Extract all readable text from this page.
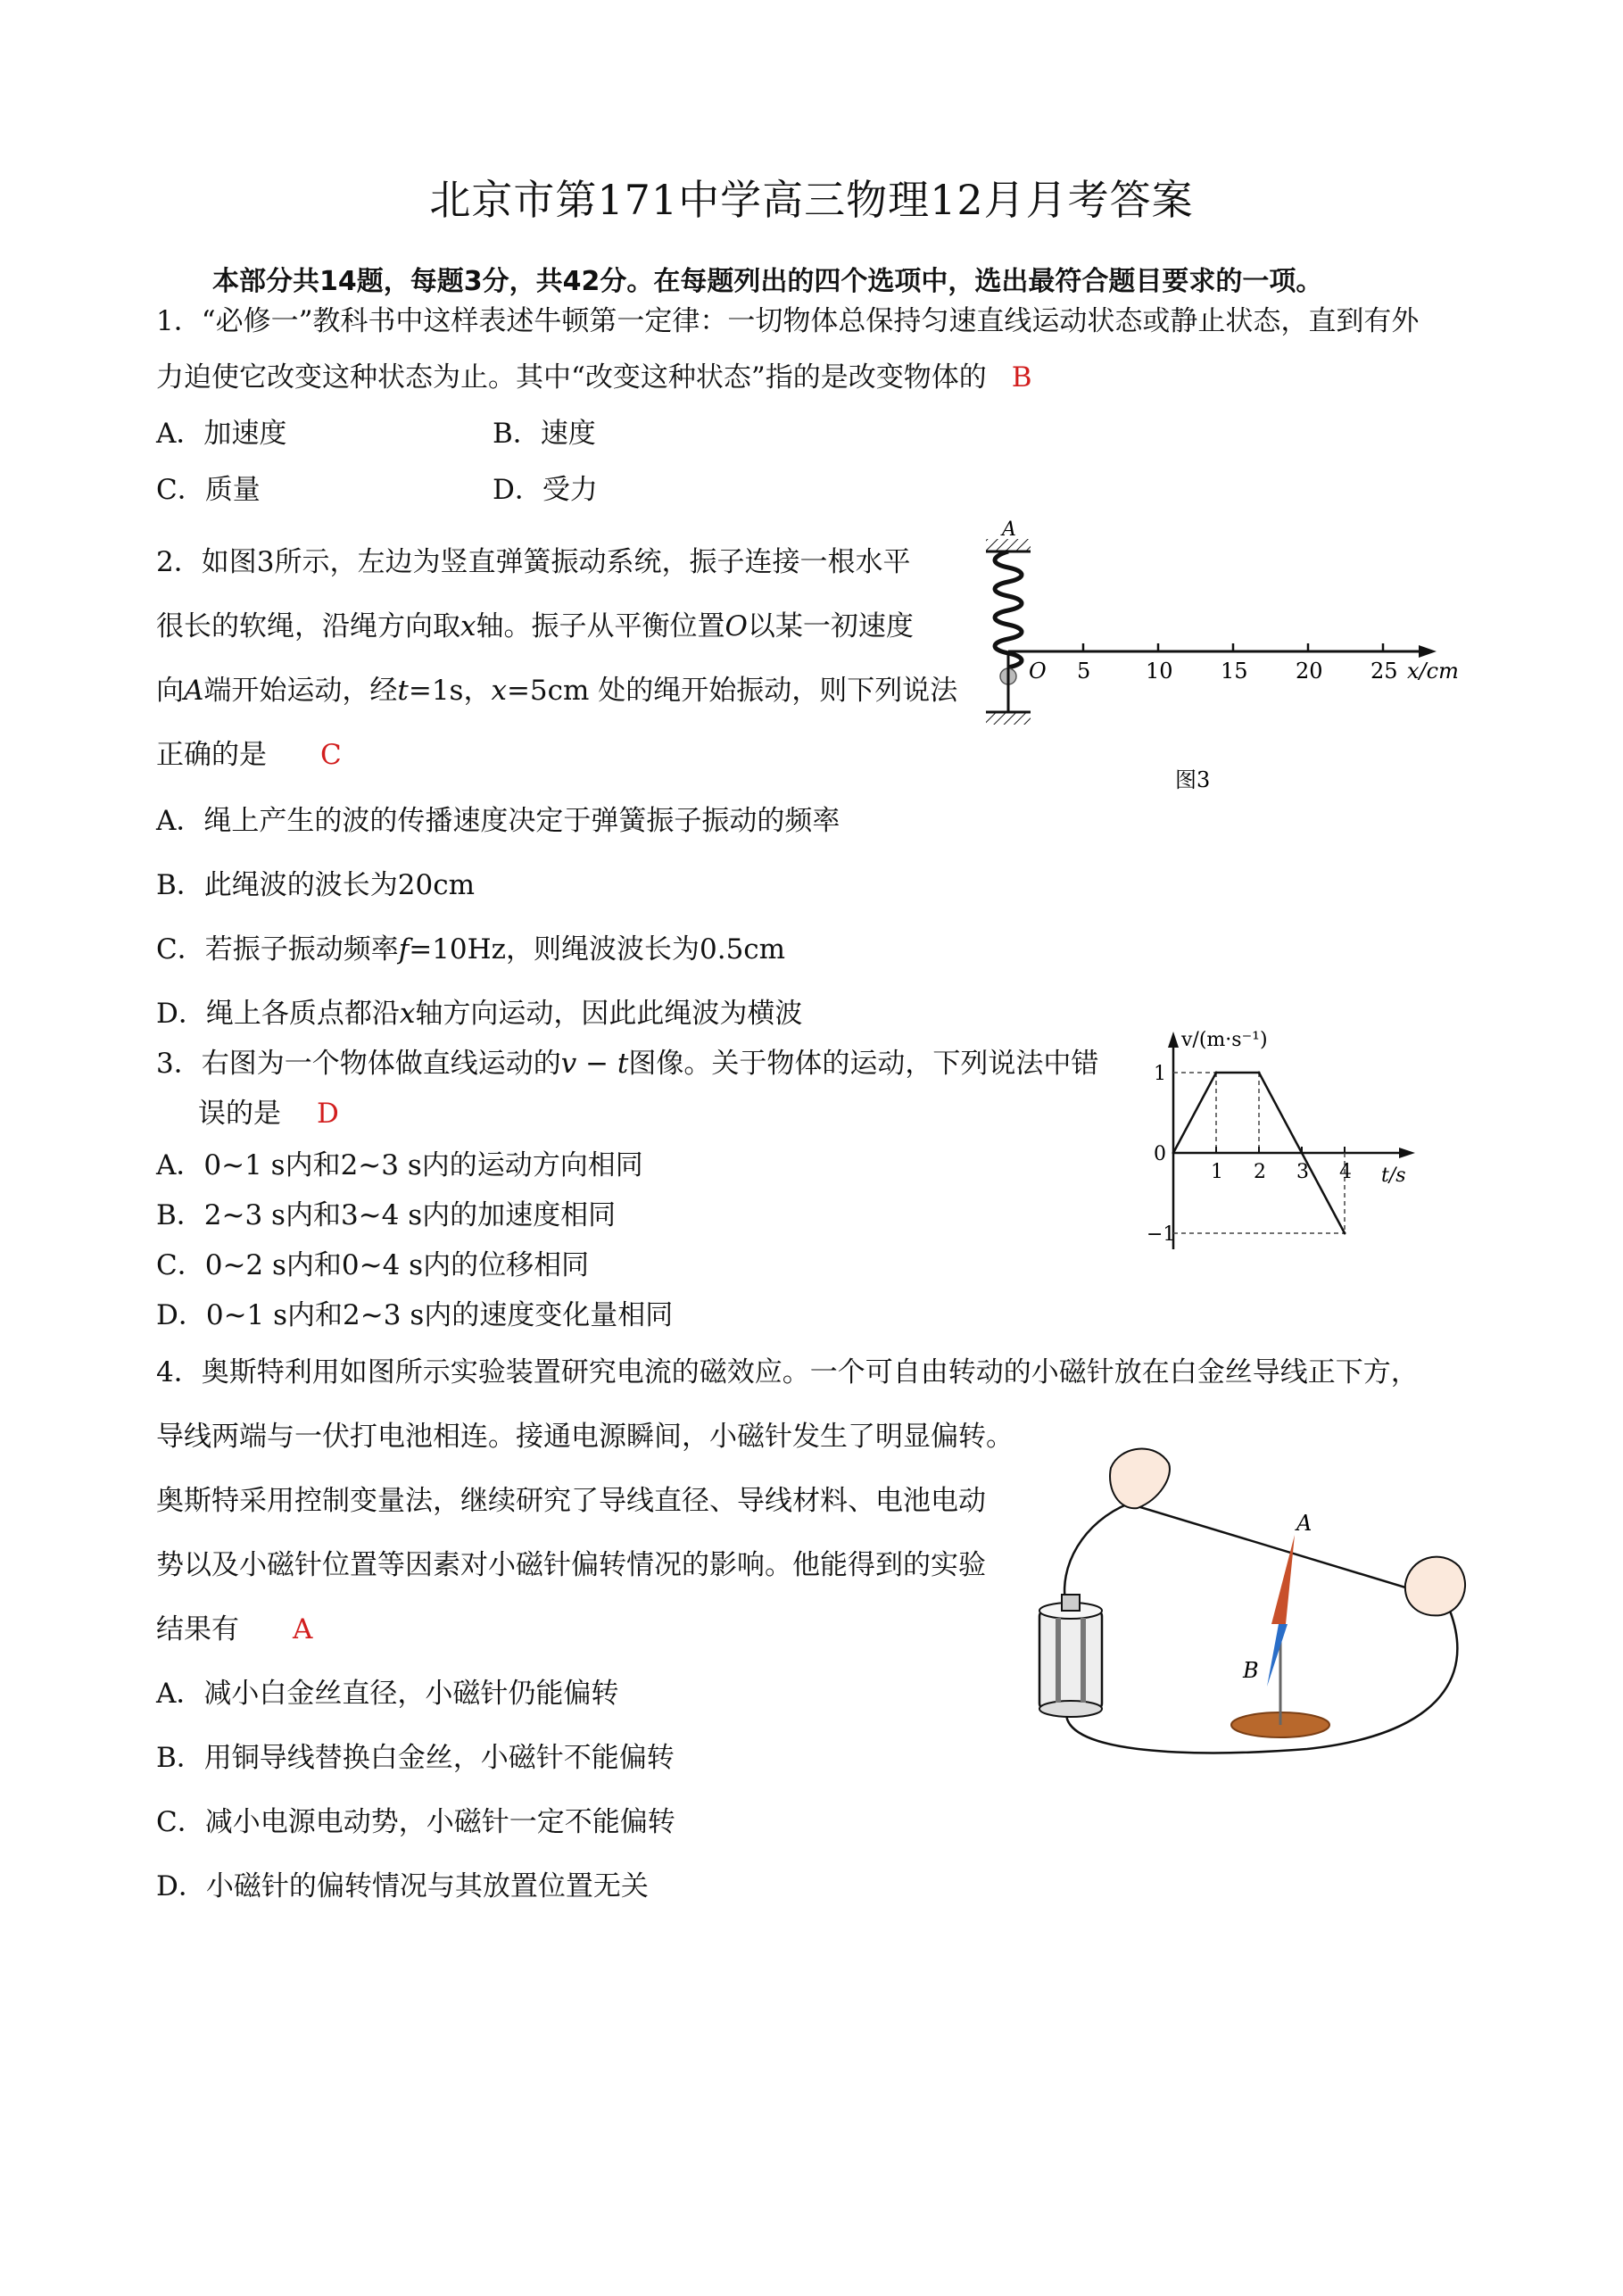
北京市第171中学高三物理12月月考答案
本部分共14题，每题3分，共42分。在每题列出的四个选项中，选出最符合题目要求的一项。
1．“必修一”教科书中这样表述牛顿第一定律：一切物体总保持匀速直线运动状态或静止状态，直到有外
力迫使它改变这种状态为止。其中“改变这种状态”指的是改变物体的 B
A．加速度	B．速度
C．质量	D．受力
2．如图3所示，左边为竖直弹簧振动系统，振子连接一根水平
很长的软绳，沿绳方向取x轴。振子从平衡位置O以某一初速度
向A端开始运动，经t=1s，x=5cm 处的绳开始振动，则下列说法
正确的是 C
A
5	10 15 20 25
O	x/cm
图3
A．绳上产生的波的传播速度决定于弹簧振子振动的频率
B．此绳波的波长为20cm
C．若振子振动频率f=10Hz，则绳波波长为0.5cm
D．绳上各质点都沿x轴方向运动，因此此绳波为横波
3．右图为一个物体做直线运动的v − t图像。关于物体的运动，下列说法中错
误的是 D
A．0~1 s内和2~3 s内的运动方向相同
B．2~3 s内和3~4 s内的加速度相同
C．0~2 s内和0~4 s内的位移相同
D．0~1 s内和2~3 s内的速度变化量相同
v/(m·s⁻¹)
t/s
1 2 3 4
1
0
−1
4．奥斯特利用如图所示实验装置研究电流的磁效应。一个可自由转动的小磁针放在白金丝导线正下方，
导线两端与一伏打电池相连。接通电源瞬间，小磁针发生了明显偏转。
奥斯特采用控制变量法，继续研究了导线直径、导线材料、电池电动
势以及小磁针位置等因素对小磁针偏转情况的影响。他能得到的实验
结果有 A
A．减小白金丝直径，小磁针仍能偏转
B．用铜导线替换白金丝，小磁针不能偏转
C．减小电源电动势，小磁针一定不能偏转
D．小磁针的偏转情况与其放置位置无关
A
B
